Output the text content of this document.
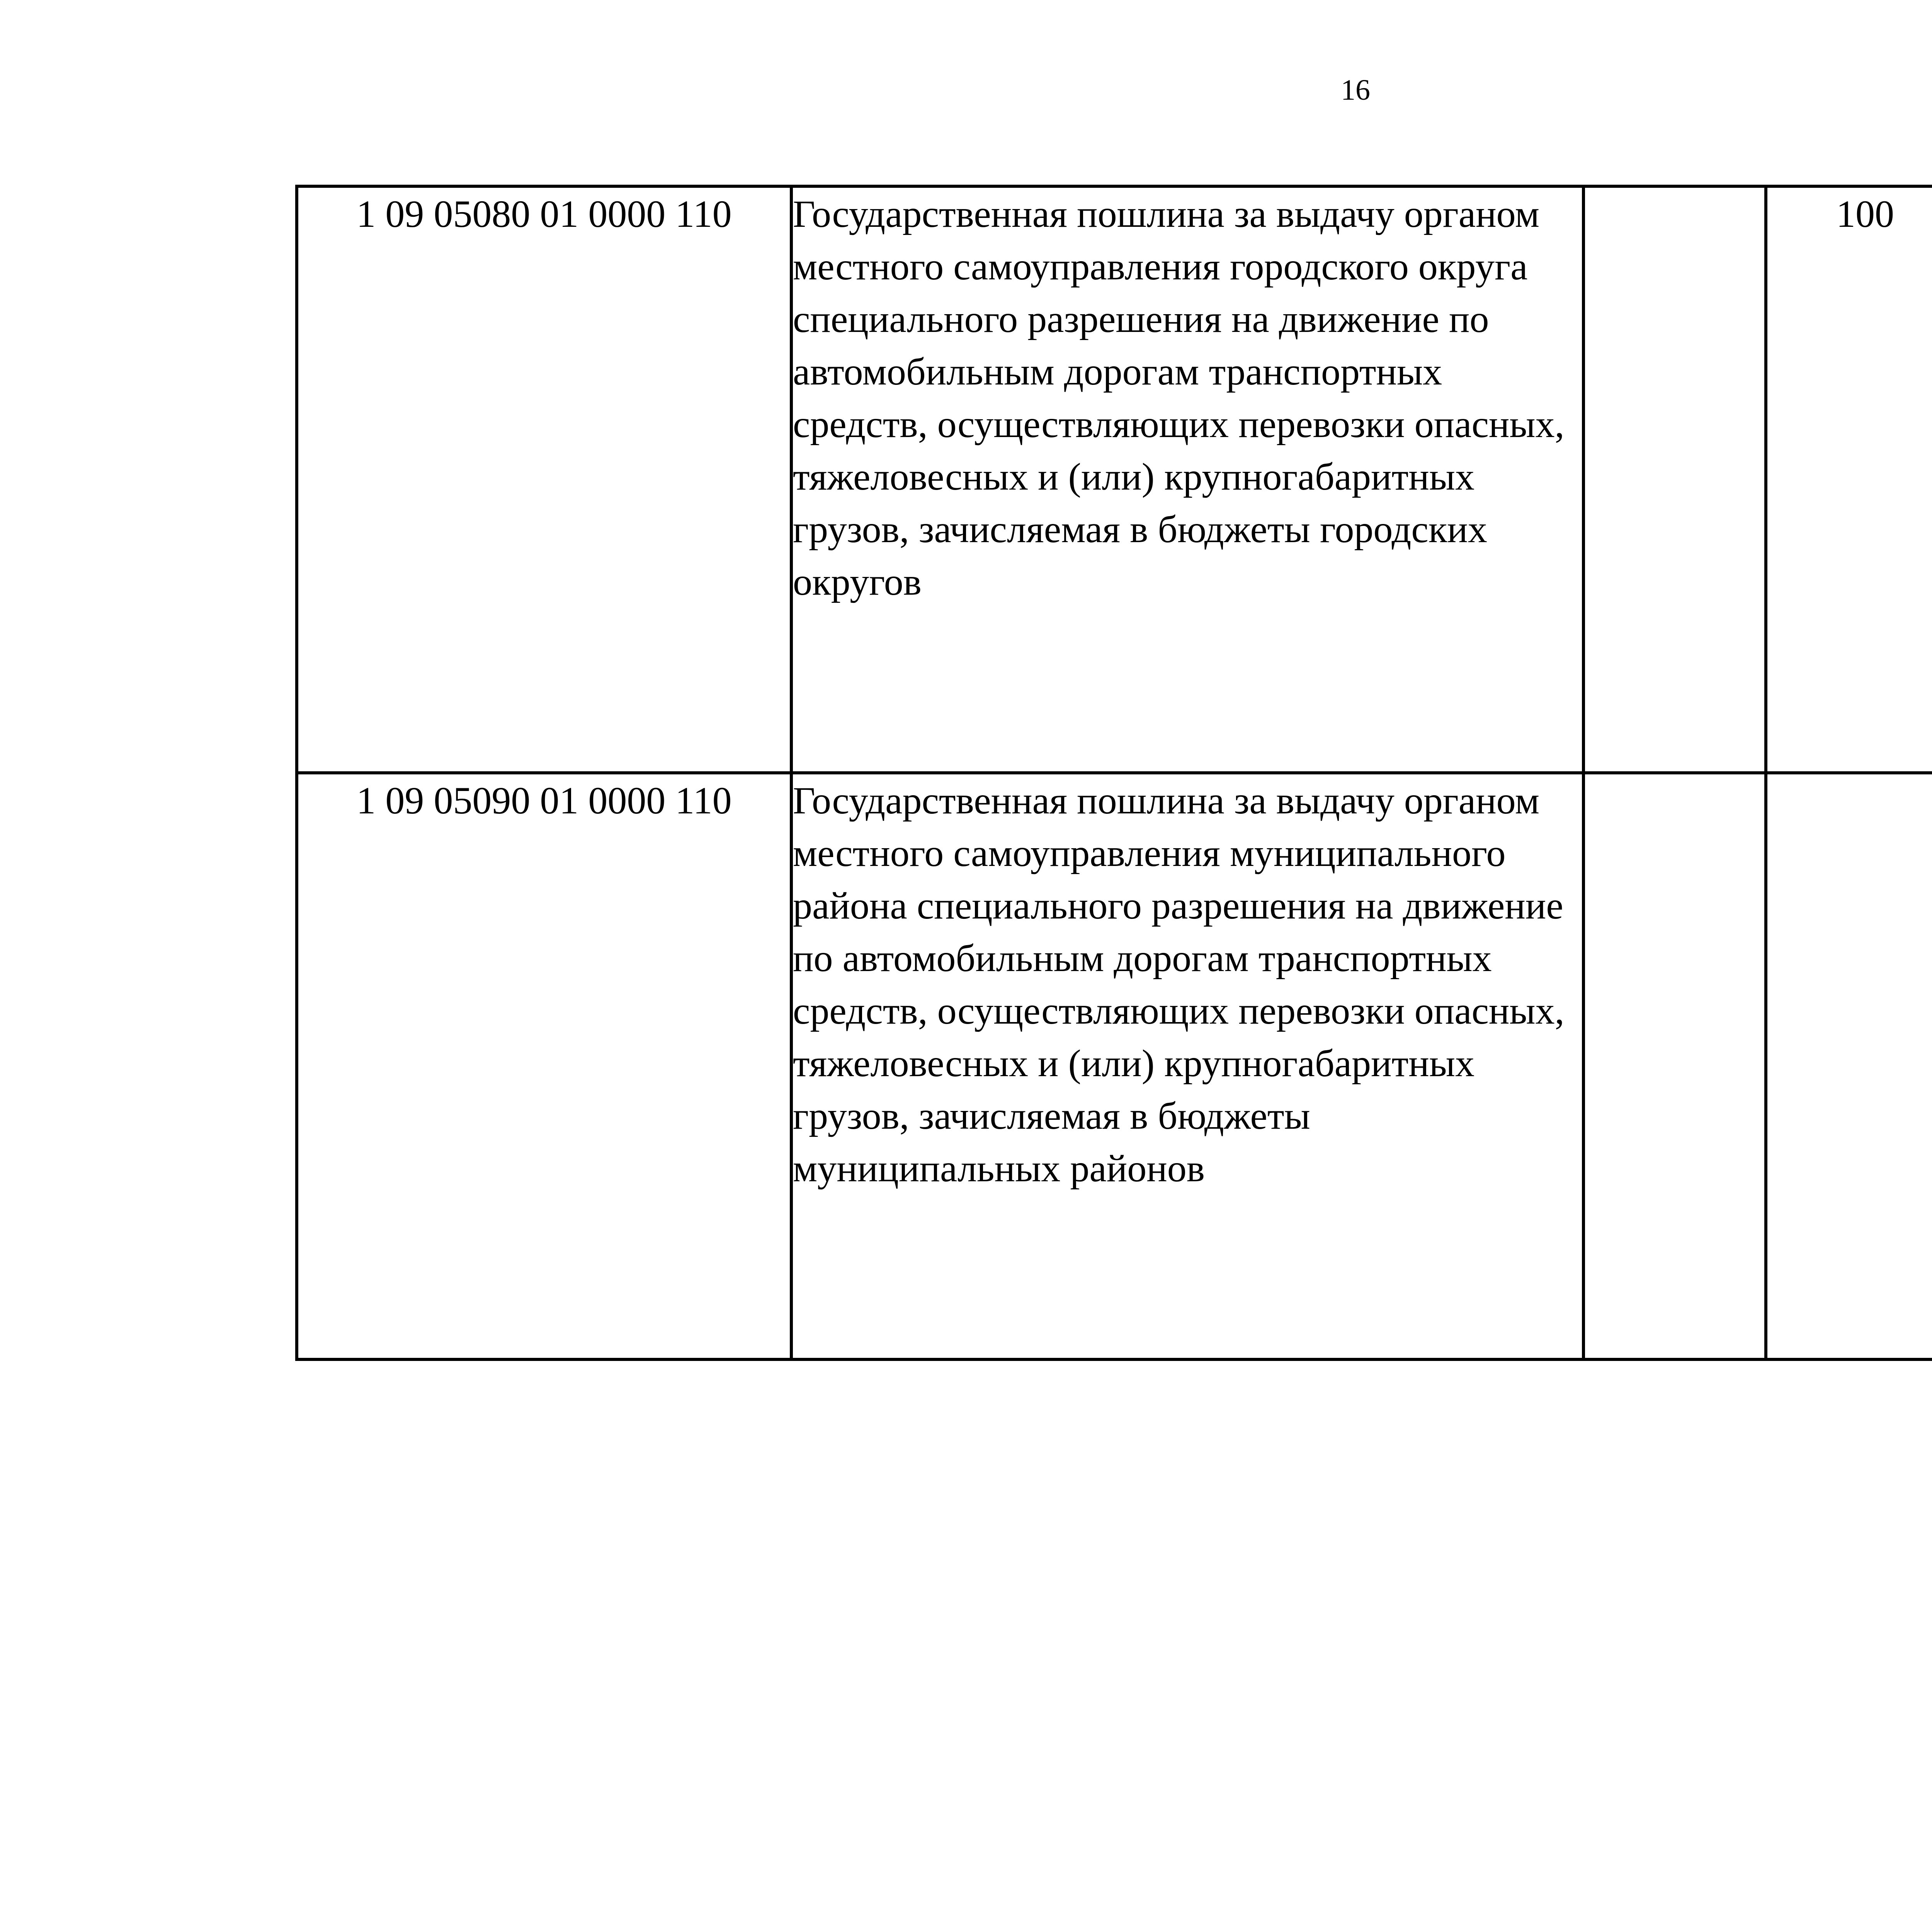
16
1 09 05080 01 0000 110	Государственная пошлина за выдачу органом местного самоуправления городского округа специального разрешения на движение по автомобильным дорогам транспортных средств, осуществляющих перевозки опасных, тяжеловесных и (или) крупногабаритных грузов, зачисляемая в бюджеты городских округов		100			
1 09 05090 01 0000 110	Государственная пошлина за выдачу органом местного самоуправления муниципального района специального разрешения на движение по автомобильным дорогам транспортных средств, осуществляющих перевозки опасных, тяжеловесных и (или) крупногабаритных грузов, зачисляемая в бюджеты муниципальных районов					
